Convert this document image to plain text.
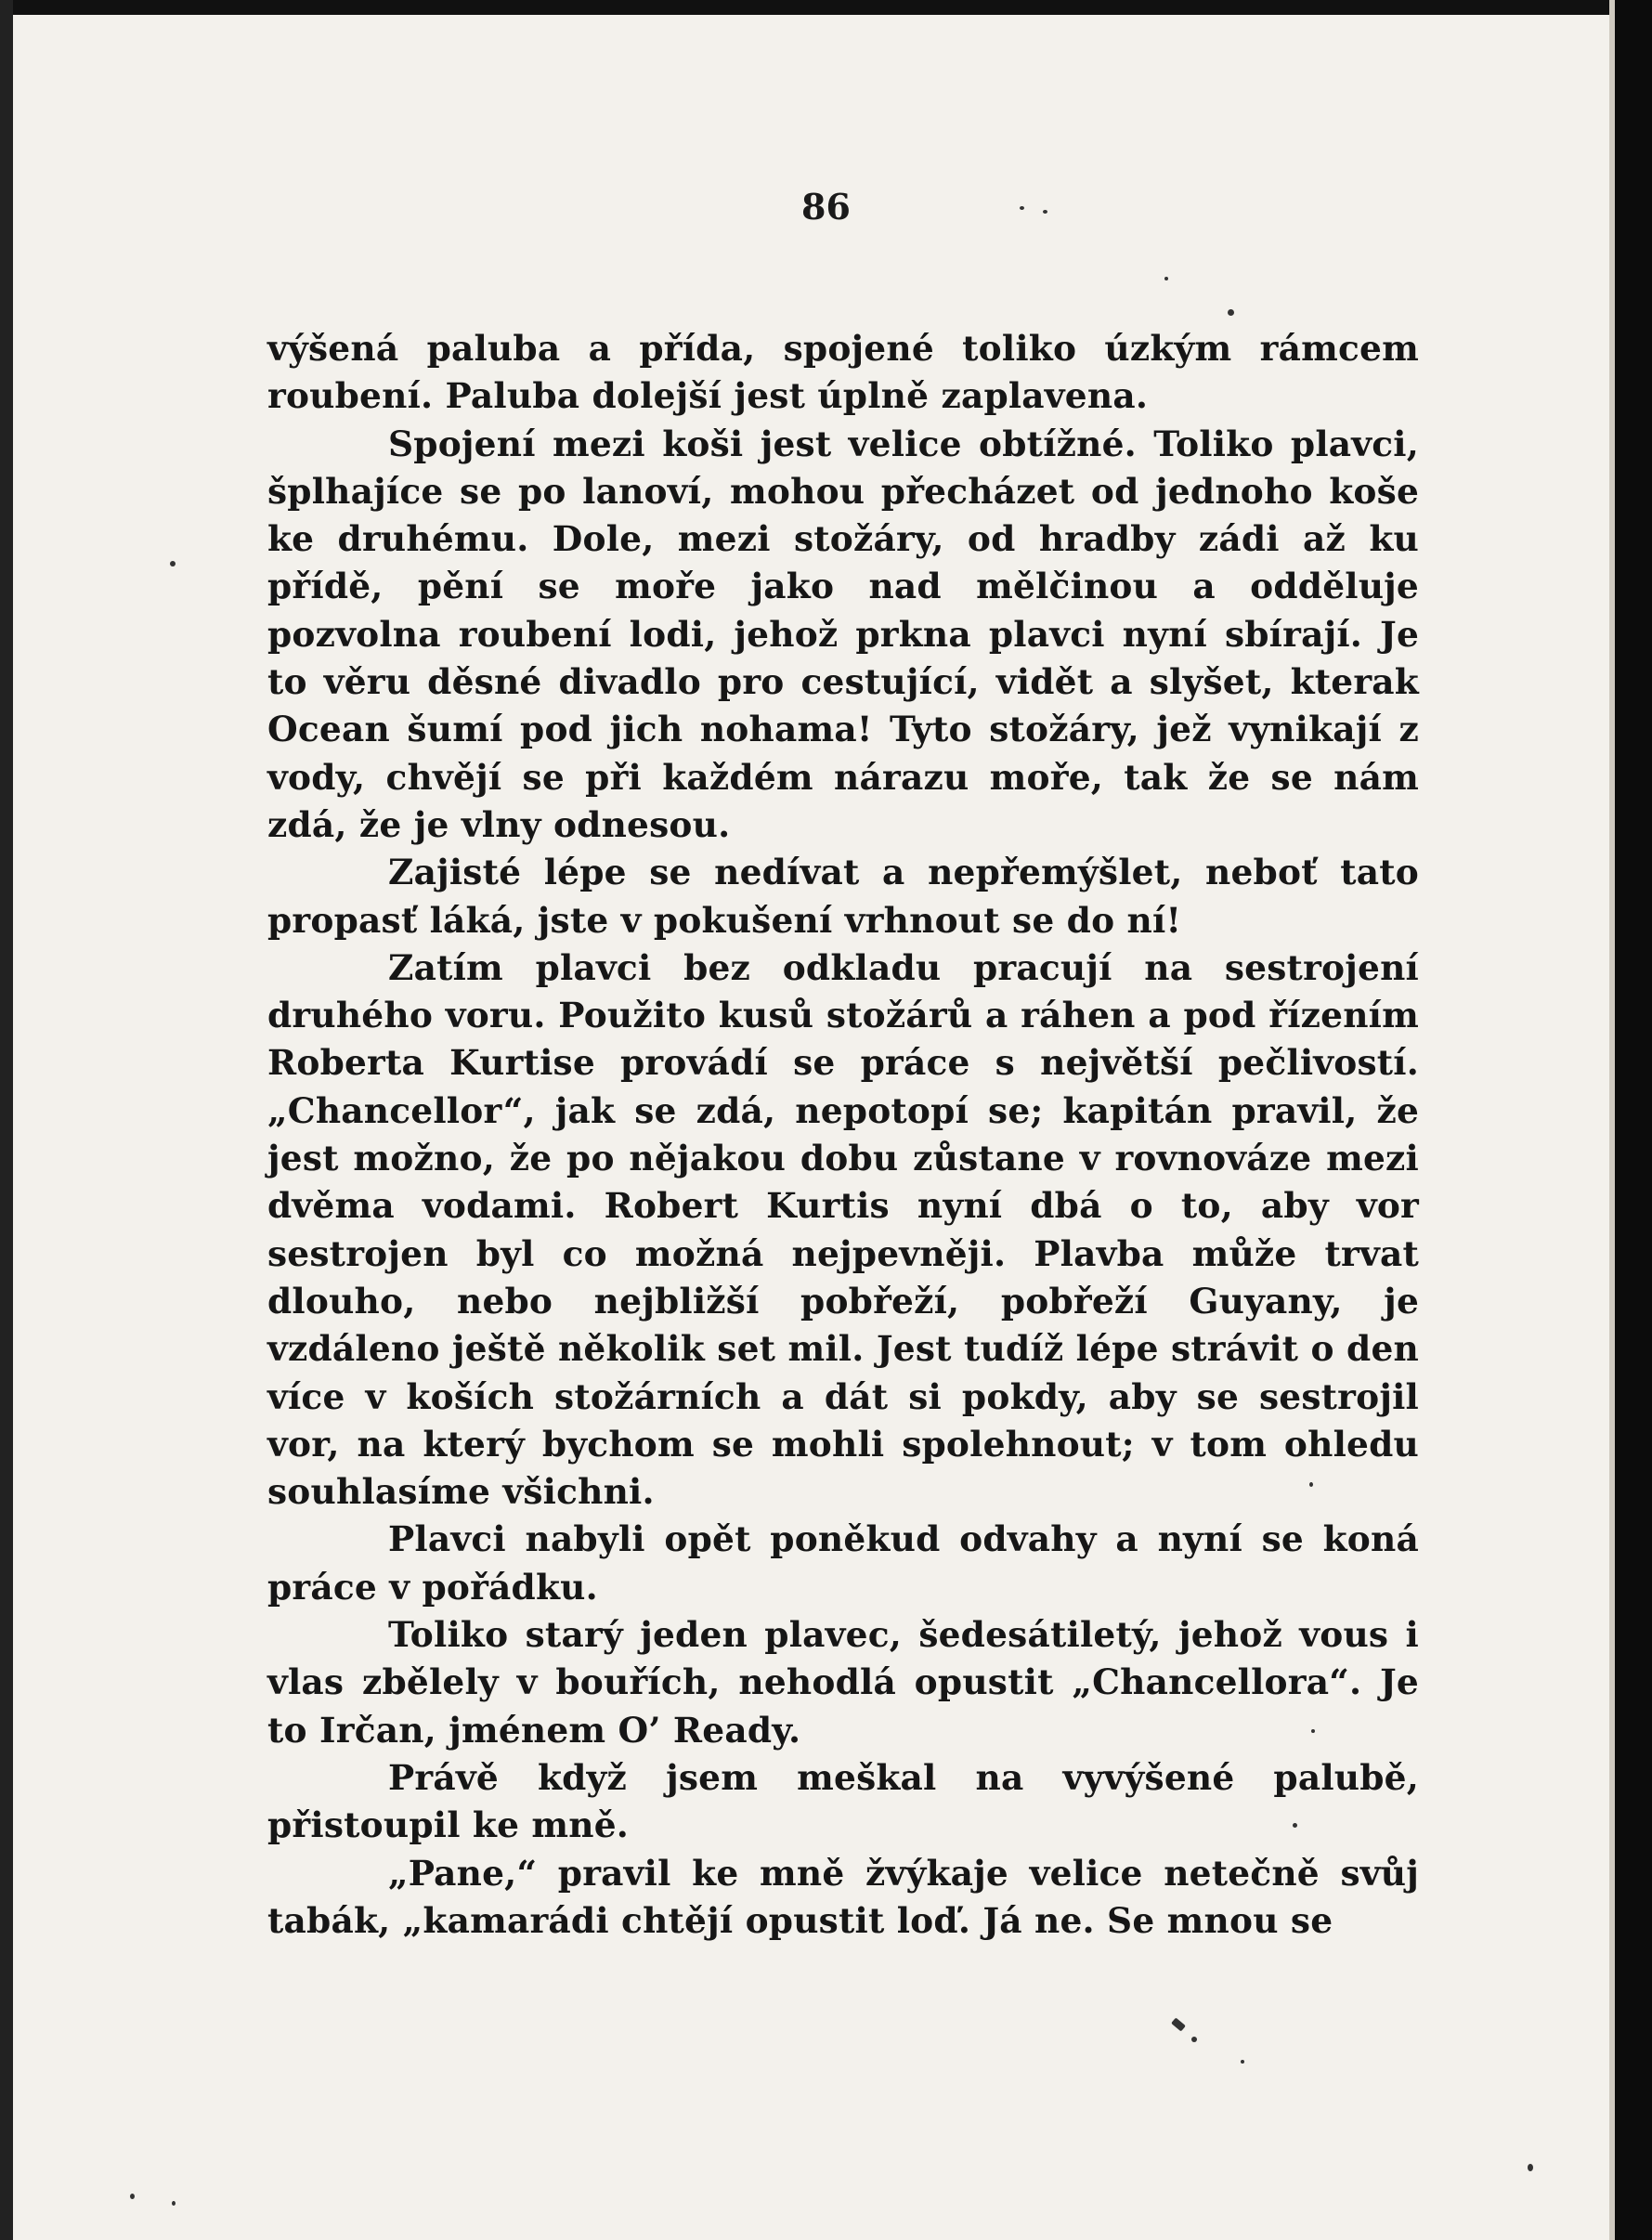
86

výšená paluba a přída, spojené toliko úzkým rámcem roubení. Paluba dolejší jest úplně zaplavena.

Spojení mezi koši jest velice obtížné. Toliko plavci, šplhajíce se po lanoví, mohou přecházet od jednoho koše ke druhému. Dole, mezi stožáry, od hradby zádi až ku přídě, pění se moře jako nad mělčinou a odděluje pozvolna roubení lodi, jehož prkna plavci nyní sbírají. Je to věru děsné divadlo pro cestující, vidět a slyšet, kterak Ocean šumí pod jich nohama! Tyto stožáry, jež vynikají z vody, chvějí se při každém nárazu moře, tak že se nám zdá, že je vlny odnesou.

Zajisté lépe se nedívat a nepřemýšlet, neboť tato propasť láká, jste v pokušení vrhnout se do ní!

Zatím plavci bez odkladu pracují na sestrojení druhého voru. Použito kusů stožárů a ráhen a pod řízením Roberta Kurtise provádí se práce s největší pečlivostí. „Chancellor“, jak se zdá, nepotopí se; kapitán pravil, že jest možno, že po nějakou dobu zůstane v rovnováze mezi dvěma vodami. Robert Kurtis nyní dbá o to, aby vor sestrojen byl co možná nejpevněji. Plavba může trvat dlouho, nebo nejbližší pobřeží, pobřeží Guyany, je vzdáleno ještě několik set mil. Jest tudíž lépe strávit o den více v koších stožárních a dát si pokdy, aby se sestrojil vor, na který bychom se mohli spolehnout; v tom ohledu souhlasíme všichni.

Plavci nabyli opět poněkud odvahy a nyní se koná práce v pořádku.

Toliko starý jeden plavec, šedesátiletý, jehož vous i vlas zbělely v bouřích, nehodlá opustit „Chancellora“. Je to Irčan, jménem O’ Ready.

Právě když jsem meškal na vyvýšené palubě, přistoupil ke mně.

„Pane,“ pravil ke mně žvýkaje velice netečně svůj tabák, „kamarádi chtějí opustit loď. Já ne. Se mnou se
